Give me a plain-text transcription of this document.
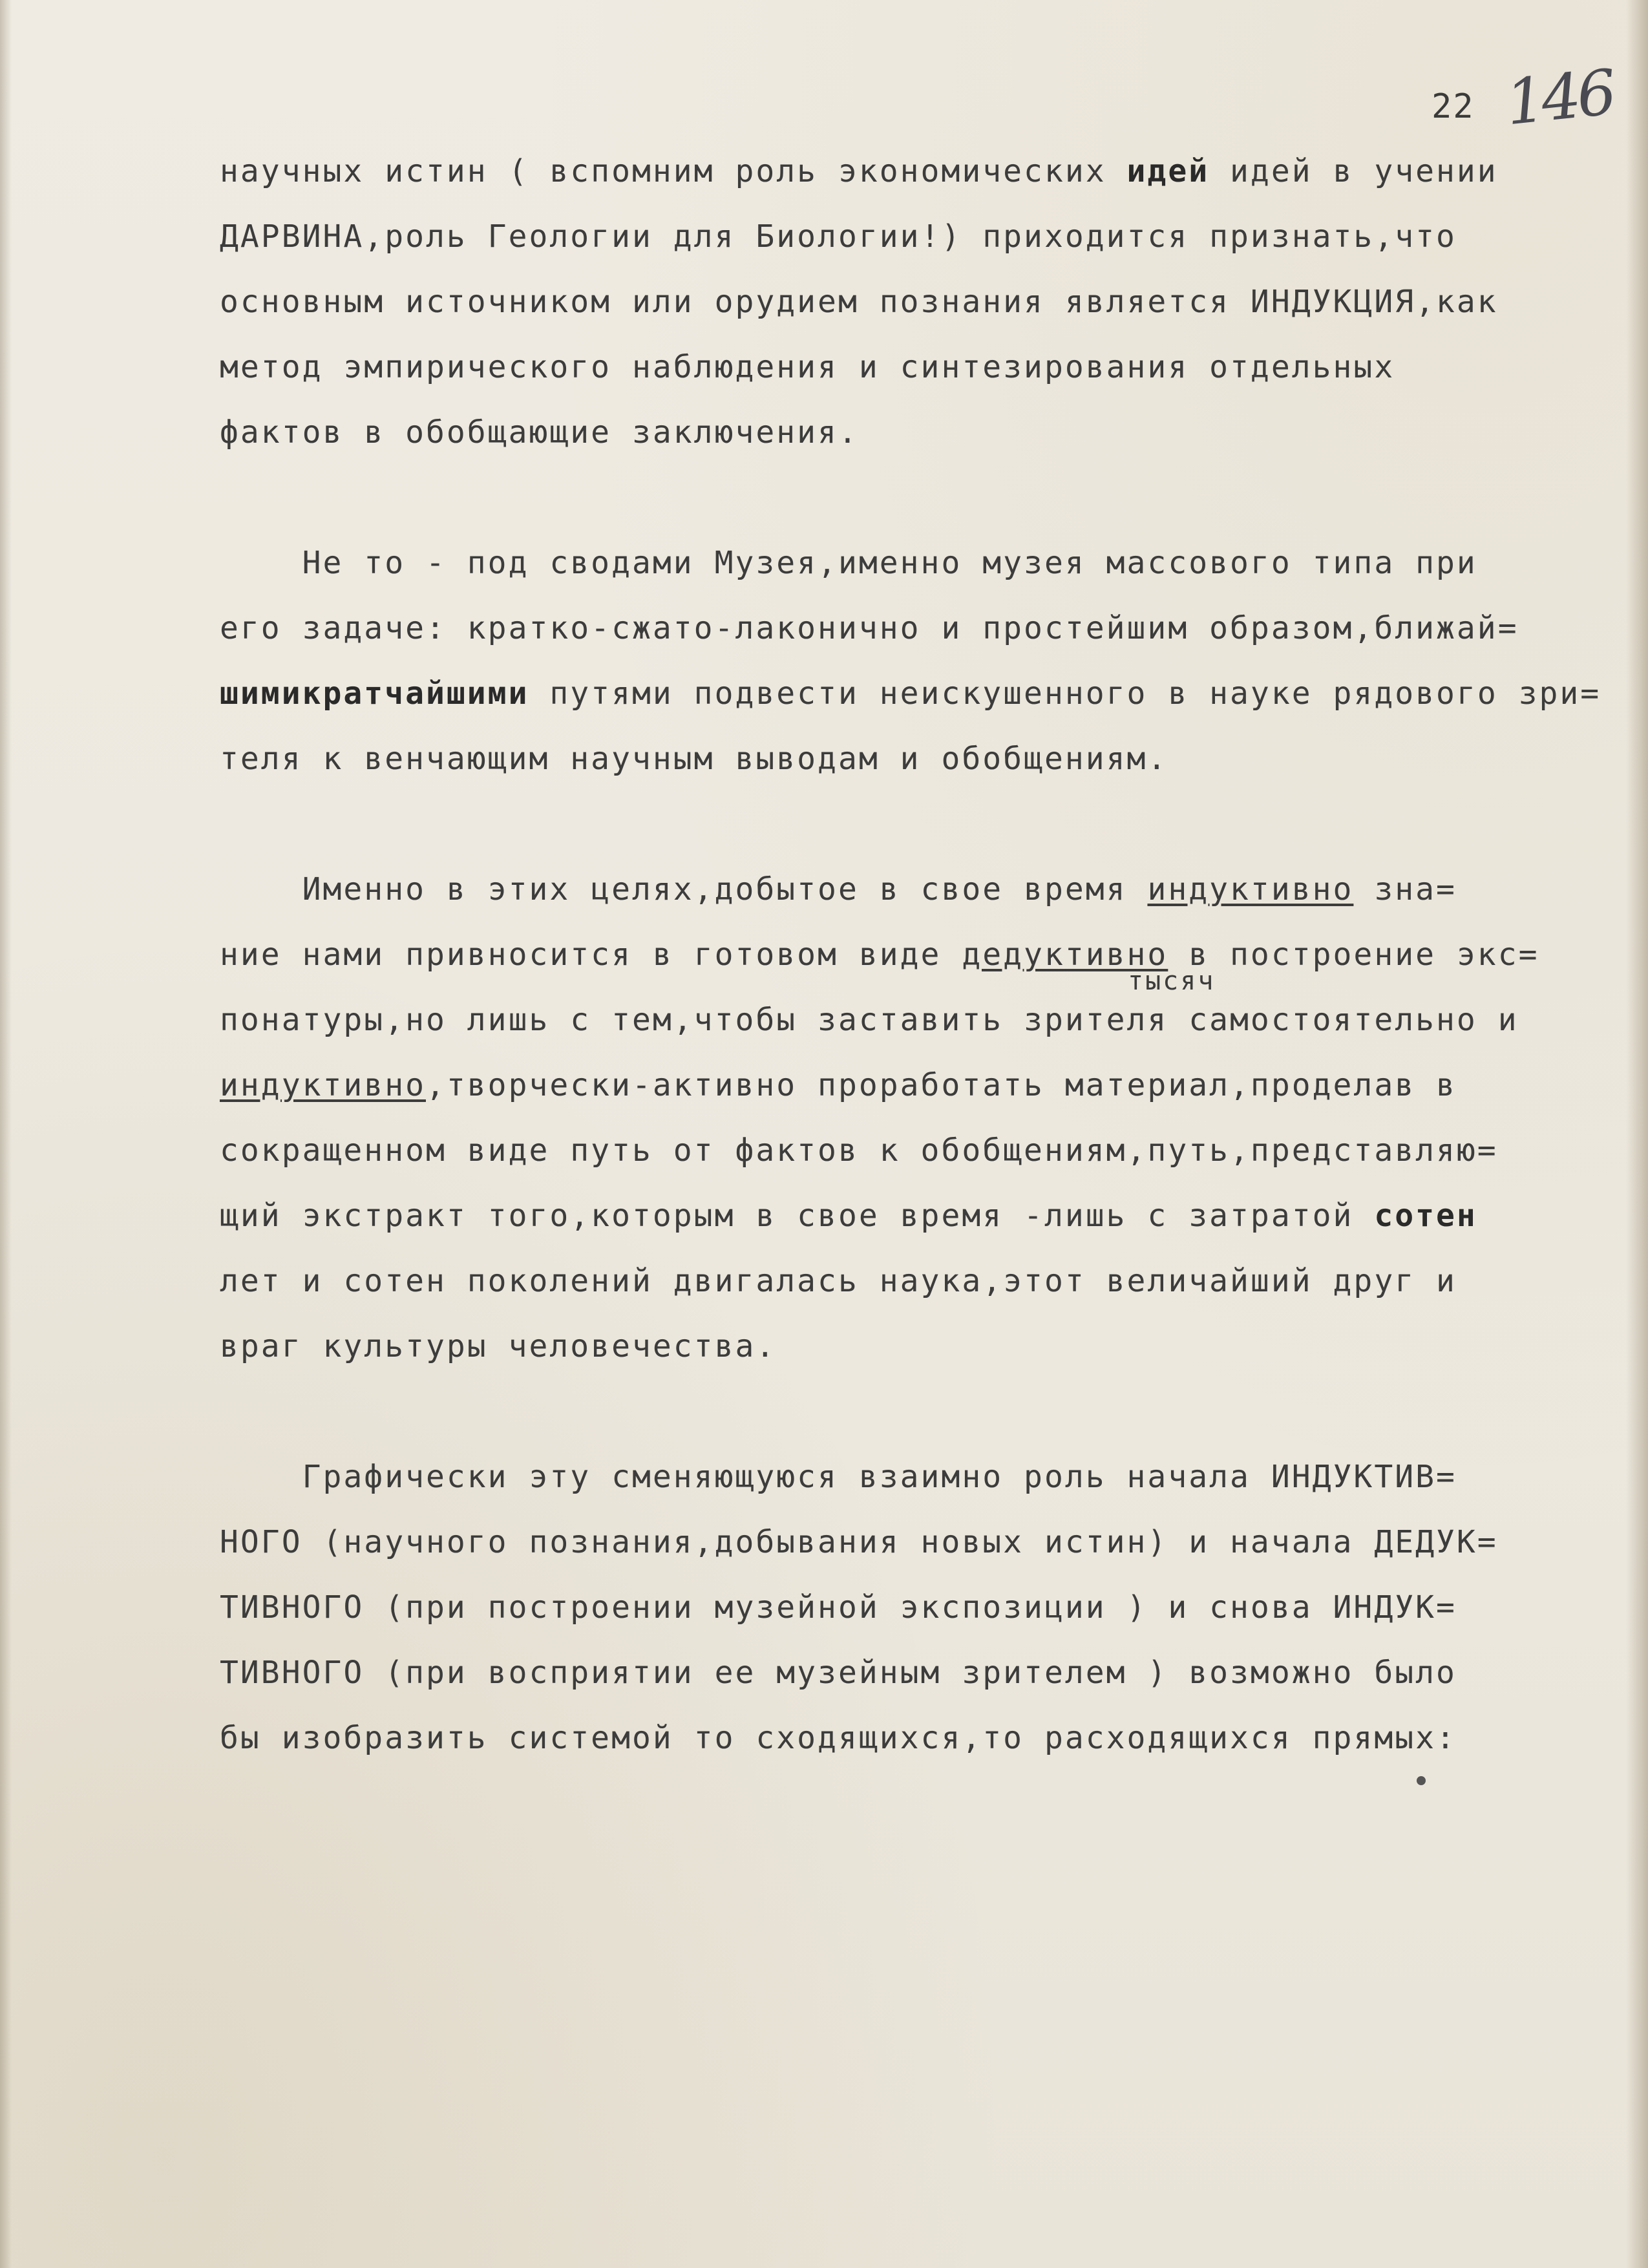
22 146
научных истин ( вспомним роль экономических идей идей в учении
ДАРВИНА,роль Геологии для Биологии!) приходится признать,что
основным источником или орудием познания является ИНДУКЦИЯ,как
метод эмпирического наблюдения и синтезирования отдельных
фактов в обобщающие заключения.
Не то - под сводами Музея,именно музея массового типа при
его задаче: кратко-сжато-лаконично и простейшим образом,ближай=
шимикратчайшими путями подвести неискушенного в науке рядового зри=
теля к венчающим научным выводам и обобщениям.
Именно в этих целях,добытое в свое время индуктивно зна=
ние нами привносится в готовом виде дедуктивно в построение экс=
понатуры,но лишь с тем,чтобы заставить зрителя самостоятельно и
индуктивно,творчески-активно проработать материал,проделав в
сокращенном виде путь от фактов к обобщениям,путь,представляю=
щий экстракт того,которым в свое время -лишь с затратой сотен
лет и сотен поколений двигалась наука,этот величайший друг и
враг культуры человечества.
Графически эту сменяющуюся взаимно роль начала ИНДУКТИВ=
НОГО (научного познания,добывания новых истин) и начала ДЕДУК=
ТИВНОГО (при построении музейной экспозиции ) и снова ИНДУК=
ТИВНОГО (при восприятии ее музейным зрителем ) возможно было
бы изобразить системой то сходящихся,то расходящихся прямых:
тысяч
